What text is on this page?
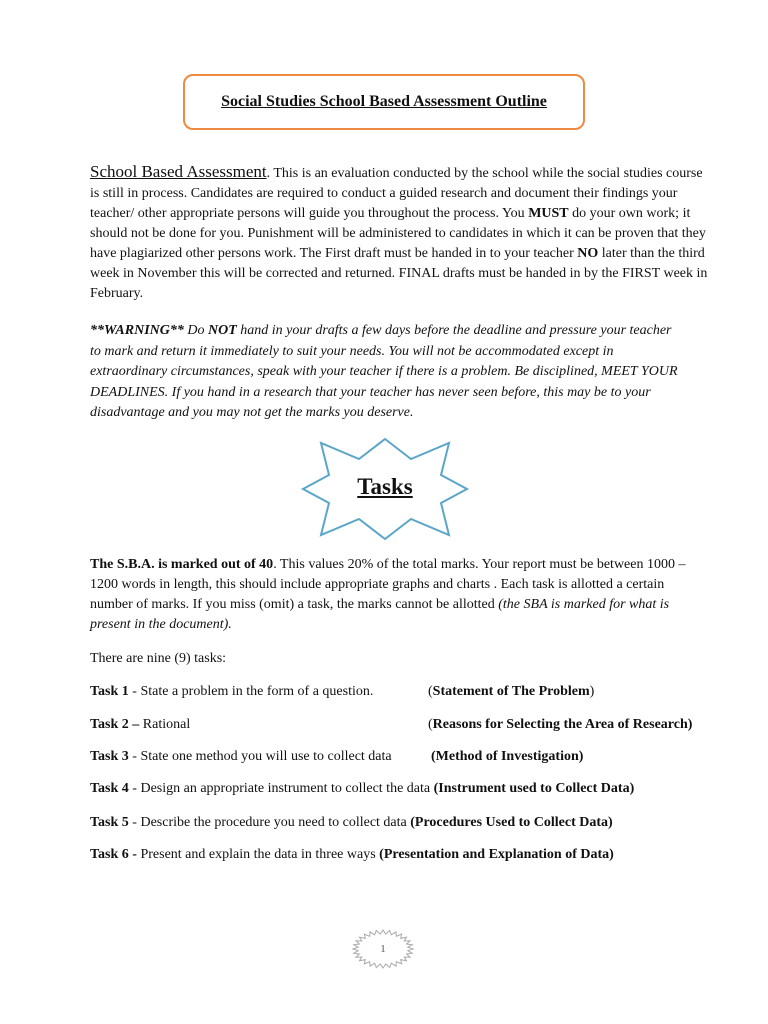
Social Studies School Based Assessment Outline

School Based Assessment. This is an evaluation conducted by the school while the social studies course is still in process. Candidates are required to conduct a guided research and document their findings your teacher/ other appropriate persons will guide you throughout the process. You MUST do your own work; it should not be done for you. Punishment will be administered to candidates in which it can be proven that they have plagiarized other persons work. The First draft must be handed in to your teacher NO later than the third week in November this will be corrected and returned. FINAL drafts must be handed in by the FIRST week in February.

**WARNING** Do NOT hand in your drafts a few days before the deadline and pressure your teacher to mark and return it immediately to suit your needs. You will not be accommodated except in extraordinary circumstances, speak with your teacher if there is a problem. Be disciplined, MEET YOUR DEADLINES. If you hand in a research that your teacher has never seen before, this may be to your disadvantage and you may not get the marks you deserve.

Tasks

The S.B.A. is marked out of 40. This values 20% of the total marks. Your report must be between 1000 – 1200 words in length, this should include appropriate graphs and charts . Each task is allotted a certain number of marks. If you miss (omit) a task, the marks cannot be allotted (the SBA is marked for what is present in the document).

There are nine (9) tasks:

Task 1 - State a problem in the form of a question.	(Statement of The Problem)
Task 2 – Rational	(Reasons for Selecting the Area of Research)
Task 3 - State one method you will use to collect data	(Method of Investigation)
Task 4 - Design an appropriate instrument to collect the data (Instrument used to Collect Data)
Task 5 - Describe the procedure you need to collect data (Procedures Used to Collect Data)
Task 6 - Present and explain the data in three ways (Presentation and Explanation of Data)
1
